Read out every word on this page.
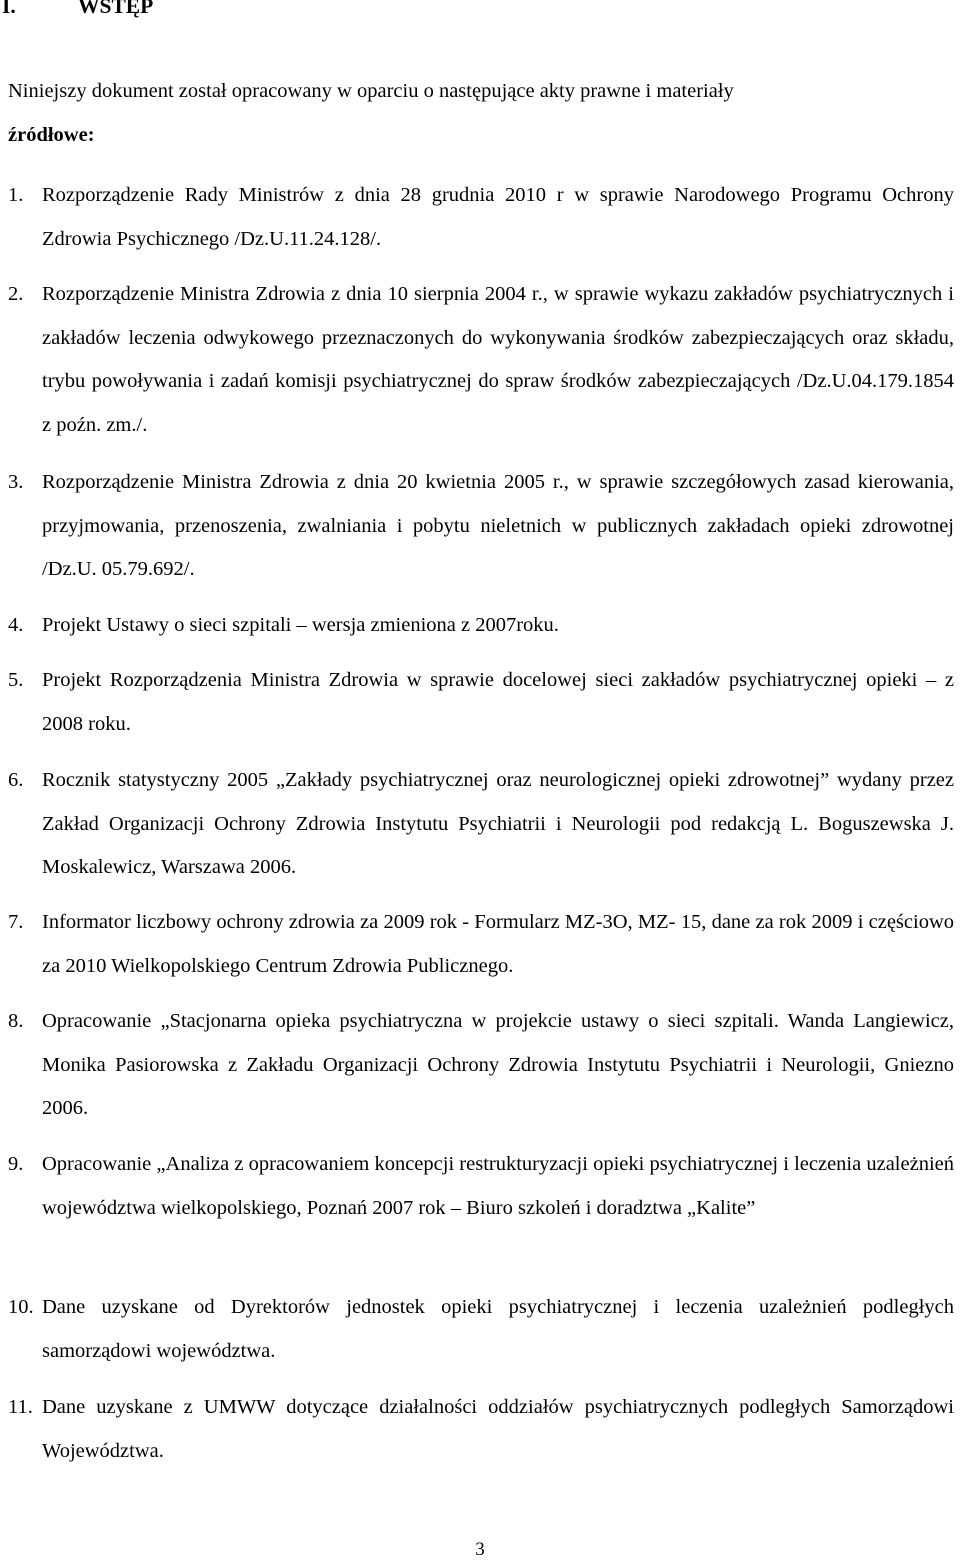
I.	WSTĘP

Niniejszy dokument został opracowany w oparciu o następujące akty prawne i materiały
źródłowe:

1. Rozporządzenie Rady Ministrów z dnia 28 grudnia 2010 r w sprawie Narodowego Programu Ochrony Zdrowia Psychicznego /Dz.U.11.24.128/.
2. Rozporządzenie Ministra Zdrowia z dnia 10 sierpnia 2004 r., w sprawie wykazu zakładów psychiatrycznych i zakładów leczenia odwykowego przeznaczonych do wykonywania środków zabezpieczających oraz składu, trybu powoływania i zadań komisji psychiatrycznej do spraw środków zabezpieczających /Dz.U.04.179.1854 z poźn. zm./.
3. Rozporządzenie Ministra Zdrowia z dnia 20 kwietnia 2005 r., w sprawie szczegółowych zasad kierowania, przyjmowania, przenoszenia, zwalniania i pobytu nieletnich w publicznych zakładach opieki zdrowotnej /Dz.U. 05.79.692/.
4. Projekt Ustawy o sieci szpitali – wersja zmieniona z 2007roku.
5. Projekt Rozporządzenia Ministra Zdrowia w sprawie docelowej sieci zakładów psychiatrycznej opieki – z 2008 roku.
6. Rocznik statystyczny 2005 „Zakłady psychiatrycznej oraz neurologicznej opieki zdrowotnej” wydany przez Zakład Organizacji Ochrony Zdrowia Instytutu Psychiatrii i Neurologii pod redakcją L. Boguszewska J. Moskalewicz, Warszawa 2006.
7. Informator liczbowy ochrony zdrowia za 2009 rok - Formularz MZ-3O, MZ- 15, dane za rok 2009 i częściowo za 2010 Wielkopolskiego Centrum Zdrowia Publicznego.
8. Opracowanie „Stacjonarna opieka psychiatryczna w projekcie ustawy o sieci szpitali. Wanda Langiewicz, Monika Pasiorowska z Zakładu Organizacji Ochrony Zdrowia Instytutu Psychiatrii i Neurologii, Gniezno 2006.
9. Opracowanie „Analiza z opracowaniem koncepcji restrukturyzacji opieki psychiatrycznej i leczenia uzależnień województwa wielkopolskiego, Poznań 2007 rok – Biuro szkoleń i doradztwa „Kalite”
10. Dane uzyskane od Dyrektorów jednostek opieki psychiatrycznej i leczenia uzależnień podległych samorządowi województwa.
11. Dane uzyskane z UMWW dotyczące działalności oddziałów psychiatrycznych podległych Samorządowi Województwa.
3
